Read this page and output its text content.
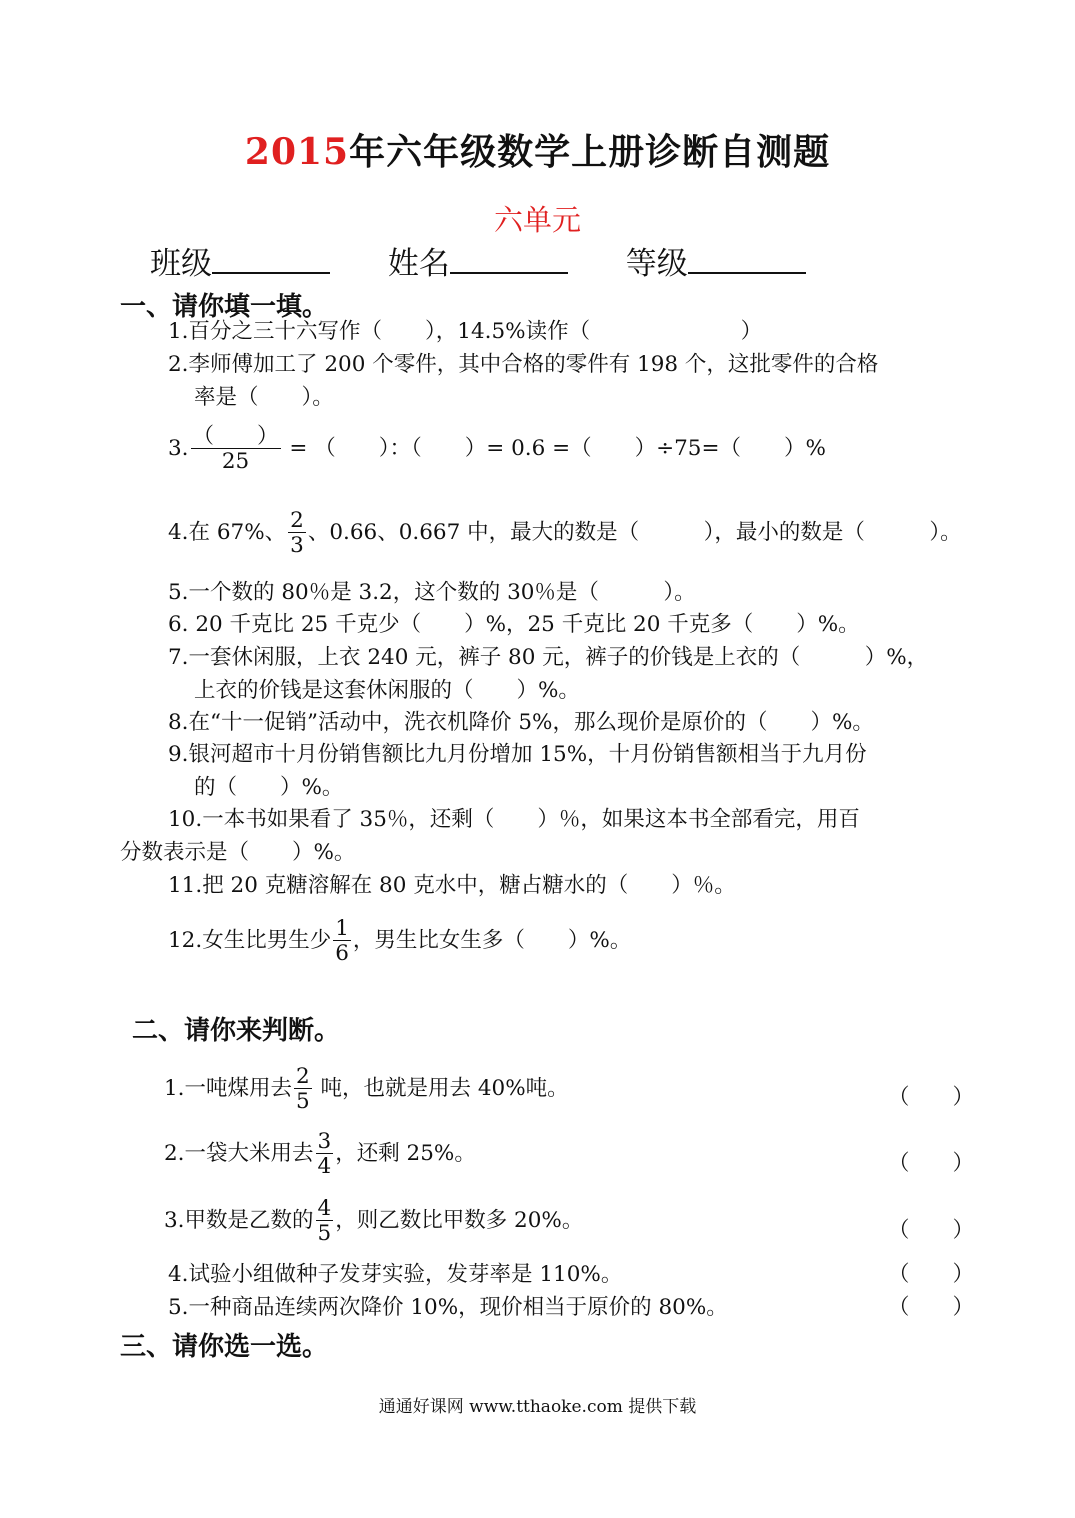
2015年六年级数学上册诊断自测题
六单元
班级	姓名	等级
一、请你填一填。
1.百分之三十六写作（　　），14.5%读作（　　　　　　　）
2.李师傅加工了 200 个零件，其中合格的零件有 198 个，这批零件的合格
率是（　　）。
3. $\frac{( )}{25}$ = （　　）：（　　）= 0.6 =（　　）÷75=（　　）%
4.在 67%、 $\frac{2}{3}$ 、0.66、0.667 中，最大的数是（　　　），最小的数是（　　　）。
5.一个数的 80％是 3.2，这个数的 30％是（　　　）。
6. 20 千克比 25 千克少（　　）%，25 千克比 20 千克多（　　）%。
7.一套休闲服，上衣 240 元，裤子 80 元，裤子的价钱是上衣的（　　　）%，
上衣的价钱是这套休闲服的（　　）%。
8.在“十一促销”活动中，洗衣机降价 5%，那么现价是原价的（　　）%。
9.银河超市十月份销售额比九月份增加 15%，十月份销售额相当于九月份
的（　　）%。
10.一本书如果看了 35％，还剩（　　）％，如果这本书全部看完，用百
分数表示是（　　）%。
11.把 20 克糖溶解在 80 克水中，糖占糖水的（　　）％。
12.女生比男生少 $\frac{1}{6}$ ，男生比女生多（　　）%。
二、请你来判断。
1.一吨煤用去 $\frac{2}{5}$ 吨，也就是用去 40%吨。	（　　）
2.一袋大米用去 $\frac{3}{4}$ ，还剩 25%。	（　　）
3.甲数是乙数的 $\frac{4}{5}$ ，则乙数比甲数多 20%。	（　　）
4.试验小组做种子发芽实验，发芽率是 110%。	（　　）
5.一种商品连续两次降价 10%，现价相当于原价的 80%。	（　　）
三、请你选一选。
通通好课网 www.tthaoke.com 提供下载
